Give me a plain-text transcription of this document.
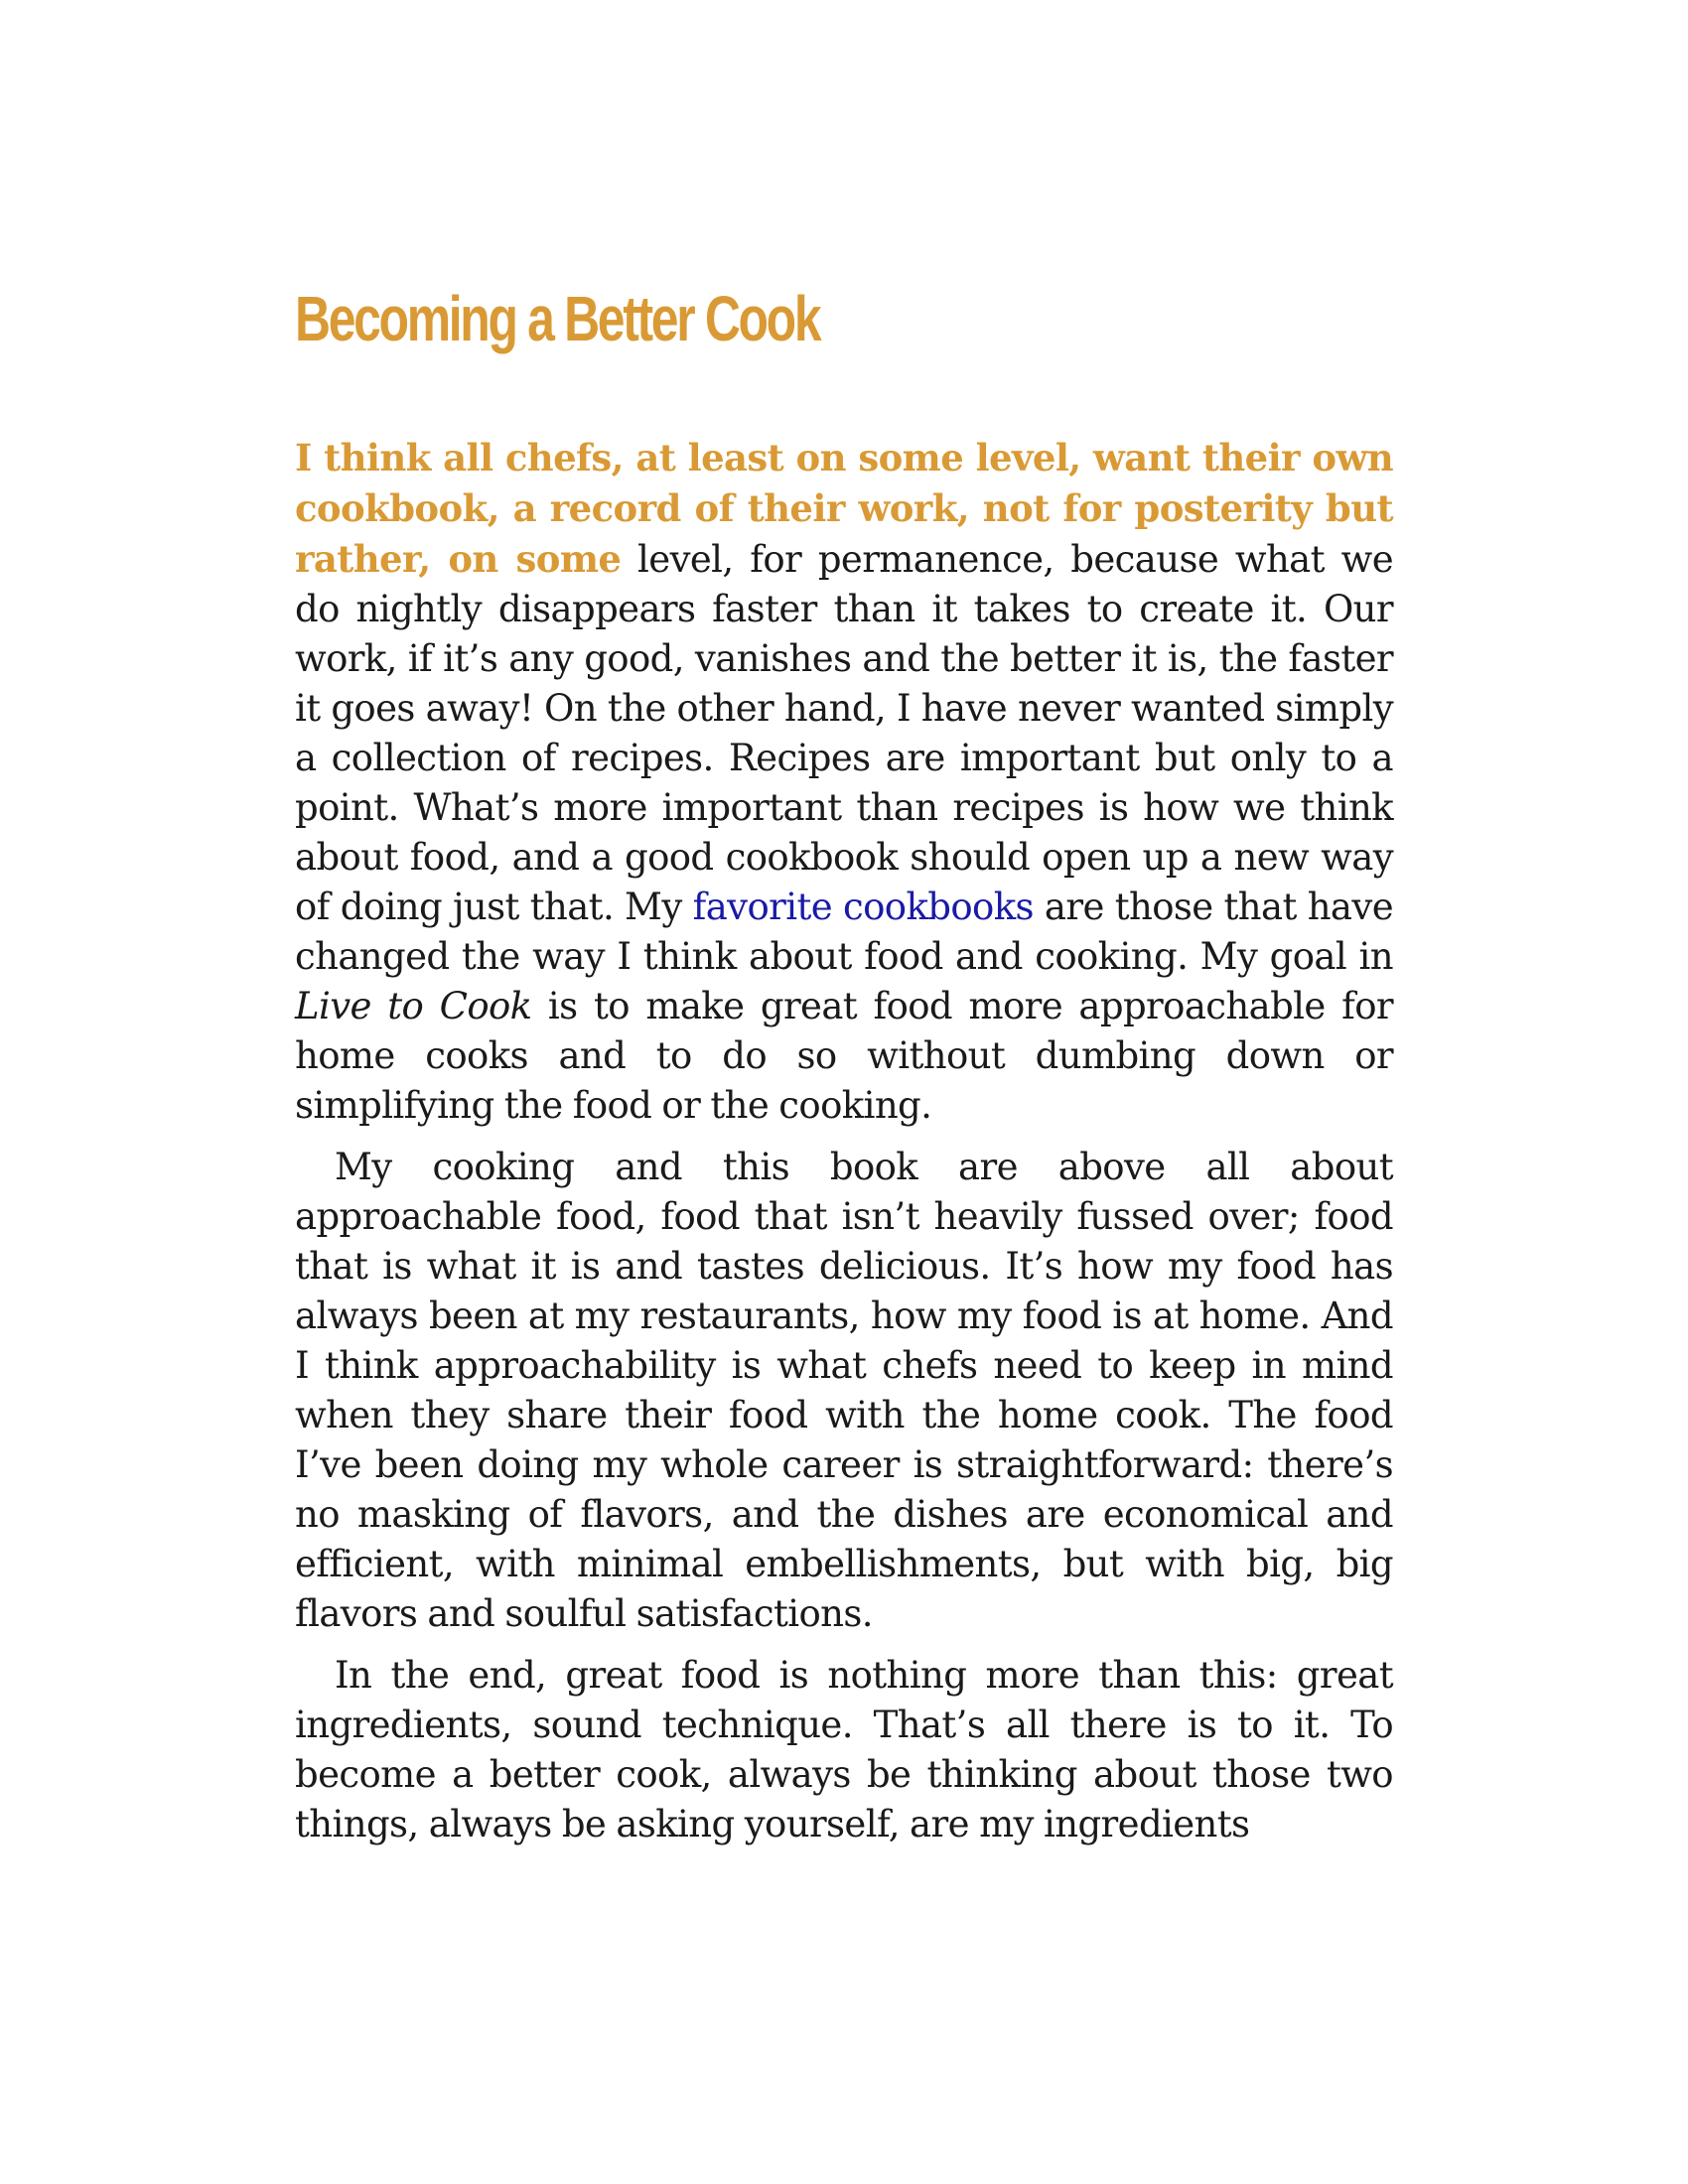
Becoming a Better Cook

I think all chefs, at least on some level, want their own cookbook, a record of their work, not for posterity but rather, on some level, for permanence, because what we do nightly disappears faster than it takes to create it. Our work, if it’s any good, vanishes and the better it is, the faster it goes away! On the other hand, I have never wanted simply a collection of recipes. Recipes are important but only to a point. What’s more important than recipes is how we think about food, and a good cookbook should open up a new way of doing just that. My favorite cookbooks are those that have changed the way I think about food and cooking. My goal in Live to Cook is to make great food more approachable for home cooks and to do so without dumbing down or simplifying the food or the cooking.

My cooking and this book are above all about approachable food, food that isn’t heavily fussed over; food that is what it is and tastes delicious. It’s how my food has always been at my restaurants, how my food is at home. And I think approachability is what chefs need to keep in mind when they share their food with the home cook. The food I’ve been doing my whole career is straightforward: there’s no masking of flavors, and the dishes are economical and efficient, with minimal embellishments, but with big, big flavors and soulful satisfactions.

In the end, great food is nothing more than this: great ingredients, sound technique. That’s all there is to it. To become a better cook, always be thinking about those two things, always be asking yourself, are my ingredients
